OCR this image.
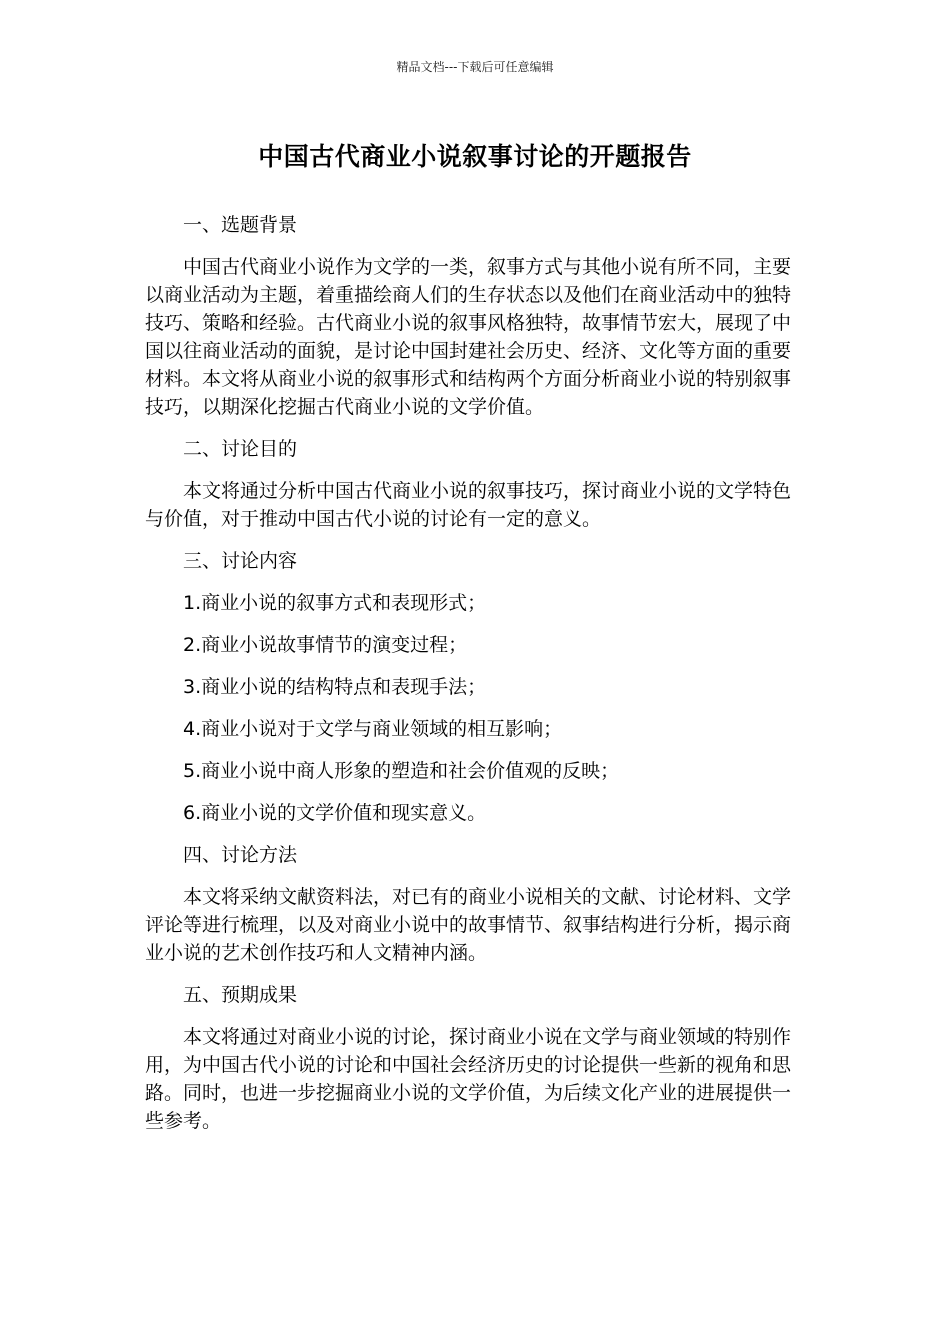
精品文档---下载后可任意编辑
中国古代商业小说叙事讨论的开题报告

一、选题背景

中国古代商业小说作为文学的一类，叙事方式与其他小说有所不同，主要以商业活动为主题，着重描绘商人们的生存状态以及他们在商业活动中的独特技巧、策略和经验。古代商业小说的叙事风格独特，故事情节宏大，展现了中国以往商业活动的面貌，是讨论中国封建社会历史、经济、文化等方面的重要材料。本文将从商业小说的叙事形式和结构两个方面分析商业小说的特别叙事技巧，以期深化挖掘古代商业小说的文学价值。

二、讨论目的

本文将通过分析中国古代商业小说的叙事技巧，探讨商业小说的文学特色与价值，对于推动中国古代小说的讨论有一定的意义。

三、讨论内容

1.商业小说的叙事方式和表现形式；

2.商业小说故事情节的演变过程；

3.商业小说的结构特点和表现手法；

4.商业小说对于文学与商业领域的相互影响；

5.商业小说中商人形象的塑造和社会价值观的反映；

6.商业小说的文学价值和现实意义。

四、讨论方法

本文将采纳文献资料法，对已有的商业小说相关的文献、讨论材料、文学评论等进行梳理，以及对商业小说中的故事情节、叙事结构进行分析，揭示商业小说的艺术创作技巧和人文精神内涵。

五、预期成果

本文将通过对商业小说的讨论，探讨商业小说在文学与商业领域的特别作用，为中国古代小说的讨论和中国社会经济历史的讨论提供一些新的视角和思路。同时，也进一步挖掘商业小说的文学价值，为后续文化产业的进展提供一些参考。
